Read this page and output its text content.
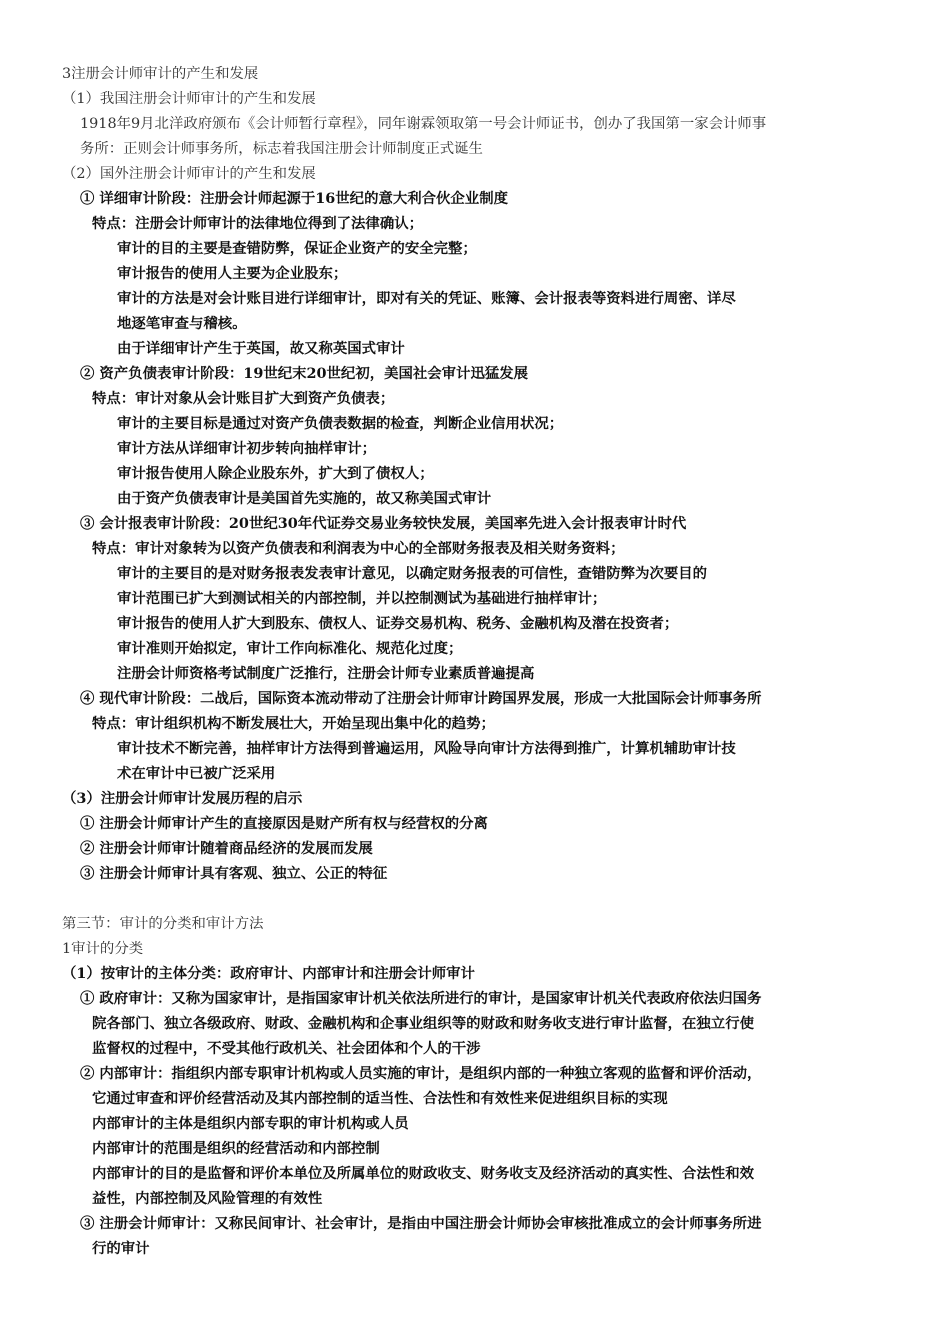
3注册会计师审计的产生和发展
（1）我国注册会计师审计的产生和发展
1918年9月北洋政府颁布《会计师暂行章程》，同年谢霖领取第一号会计师证书，创办了我国第一家会计师事
务所：正则会计师事务所，标志着我国注册会计师制度正式诞生
（2）国外注册会计师审计的产生和发展
① 详细审计阶段：注册会计师起源于16世纪的意大利合伙企业制度
特点：注册会计师审计的法律地位得到了法律确认；
审计的目的主要是查错防弊，保证企业资产的安全完整；
审计报告的使用人主要为企业股东；
审计的方法是对会计账目进行详细审计，即对有关的凭证、账簿、会计报表等资料进行周密、详尽
地逐笔审查与稽核。
由于详细审计产生于英国，故又称英国式审计
② 资产负债表审计阶段：19世纪末20世纪初，美国社会审计迅猛发展
特点：审计对象从会计账目扩大到资产负债表；
审计的主要目标是通过对资产负债表数据的检查，判断企业信用状况；
审计方法从详细审计初步转向抽样审计；
审计报告使用人除企业股东外，扩大到了债权人；
由于资产负债表审计是美国首先实施的，故又称美国式审计
③ 会计报表审计阶段：20世纪30年代证券交易业务较快发展，美国率先进入会计报表审计时代
特点：审计对象转为以资产负债表和利润表为中心的全部财务报表及相关财务资料；
审计的主要目的是对财务报表发表审计意见，以确定财务报表的可信性，查错防弊为次要目的
审计范围已扩大到测试相关的内部控制，并以控制测试为基础进行抽样审计；
审计报告的使用人扩大到股东、债权人、证券交易机构、税务、金融机构及潜在投资者；
审计准则开始拟定，审计工作向标准化、规范化过度；
注册会计师资格考试制度广泛推行，注册会计师专业素质普遍提高
④ 现代审计阶段：二战后，国际资本流动带动了注册会计师审计跨国界发展，形成一大批国际会计师事务所
特点：审计组织机构不断发展壮大，开始呈现出集中化的趋势；
审计技术不断完善，抽样审计方法得到普遍运用，风险导向审计方法得到推广，计算机辅助审计技
术在审计中已被广泛采用
（3）注册会计师审计发展历程的启示
① 注册会计师审计产生的直接原因是财产所有权与经营权的分离
② 注册会计师审计随着商品经济的发展而发展
③ 注册会计师审计具有客观、独立、公正的特征
第三节：审计的分类和审计方法
1审计的分类
（1）按审计的主体分类：政府审计、内部审计和注册会计师审计
① 政府审计：又称为国家审计，是指国家审计机关依法所进行的审计，是国家审计机关代表政府依法归国务
院各部门、独立各级政府、财政、金融机构和企事业组织等的财政和财务收支进行审计监督，在独立行使
监督权的过程中，不受其他行政机关、社会团体和个人的干涉
② 内部审计：指组织内部专职审计机构或人员实施的审计，是组织内部的一种独立客观的监督和评价活动，
它通过审查和评价经营活动及其内部控制的适当性、合法性和有效性来促进组织目标的实现
内部审计的主体是组织内部专职的审计机构或人员
内部审计的范围是组织的经营活动和内部控制
内部审计的目的是监督和评价本单位及所属单位的财政收支、财务收支及经济活动的真实性、合法性和效
益性，内部控制及风险管理的有效性
③ 注册会计师审计：又称民间审计、社会审计，是指由中国注册会计师协会审核批准成立的会计师事务所进
行的审计
